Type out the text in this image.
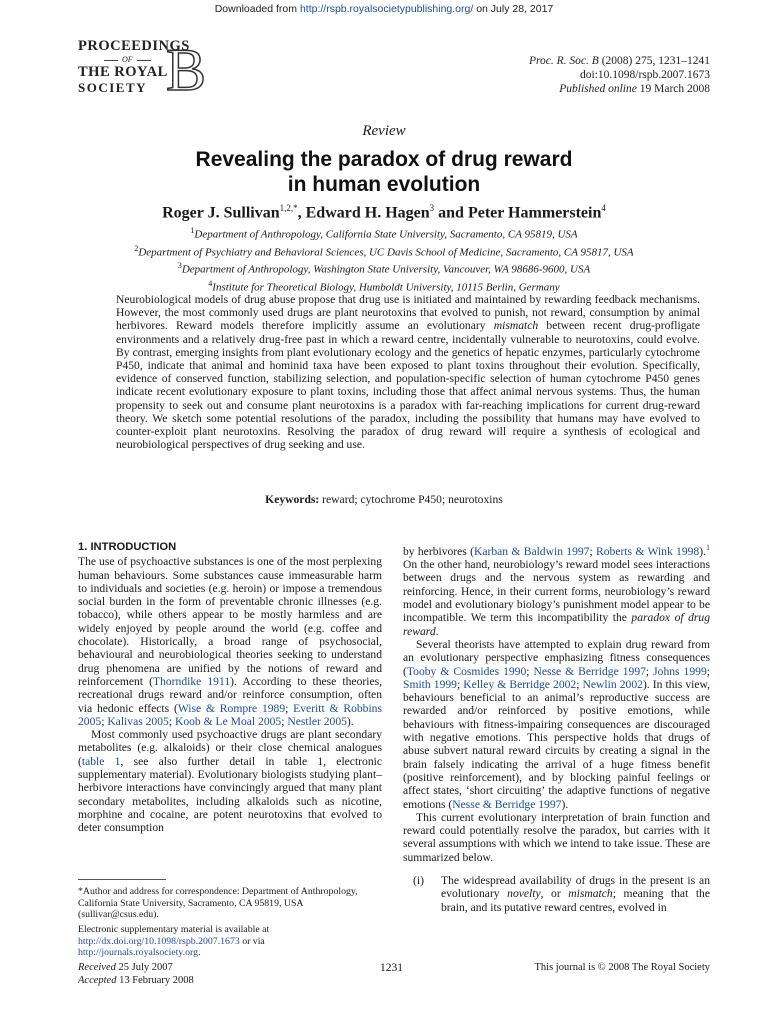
Downloaded from http://rspb.royalsocietypublishing.org/ on July 28, 2017
PROCEEDINGS
OF
THE ROYAL
SOCIETY B	Proc. R. Soc. B (2008) 275, 1231–1241
doi:10.1098/rspb.2007.1673
Published online 19 March 2008
Review
Revealing the paradox of drug reward
in human evolution
Roger J. Sullivan$^{1,2,*}$, Edward H. Hagen$^3$ and Peter Hammerstein$^4$
$^1$Department of Anthropology, California State University, Sacramento, CA 95819, USA
$^2$Department of Psychiatry and Behavioral Sciences, UC Davis School of Medicine, Sacramento, CA 95817, USA
$^3$Department of Anthropology, Washington State University, Vancouver, WA 98686-9600, USA
$^4$Institute for Theoretical Biology, Humboldt University, 10115 Berlin, Germany
Neurobiological models of drug abuse propose that drug use is initiated and maintained by rewarding feedback mechanisms. However, the most commonly used drugs are plant neurotoxins that evolved to punish, not reward, consumption by animal herbivores. Reward models therefore implicitly assume an evolutionary mismatch between recent drug-profligate environments and a relatively drug-free past in which a reward centre, incidentally vulnerable to neurotoxins, could evolve. By contrast, emerging insights from plant evolutionary ecology and the genetics of hepatic enzymes, particularly cytochrome P450, indicate that animal and hominid taxa have been exposed to plant toxins throughout their evolution. Specifically, evidence of conserved function, stabilizing selection, and population-specific selection of human cytochrome P450 genes indicate recent evolutionary exposure to plant toxins, including those that affect animal nervous systems. Thus, the human propensity to seek out and consume plant neurotoxins is a paradox with far-reaching implications for current drug-reward theory. We sketch some potential resolutions of the paradox, including the possibility that humans may have evolved to counter-exploit plant neurotoxins. Resolving the paradox of drug reward will require a synthesis of ecological and neurobiological perspectives of drug seeking and use.
Keywords: reward; cytochrome P450; neurotoxins
1. INTRODUCTION

The use of psychoactive substances is one of the most perplexing human behaviours. Some substances cause immeasurable harm to individuals and societies (e.g. heroin) or impose a tremendous social burden in the form of preventable chronic illnesses (e.g. tobacco), while others appear to be mostly harmless and are widely enjoyed by people around the world (e.g. coffee and chocolate). Historically, a broad range of psychosocial, behavioural and neurobiological theories seeking to understand drug phenomena are unified by the notions of reward and reinforcement (Thorndike 1911). According to these theories, recreational drugs reward and/or reinforce consumption, often via hedonic effects (Wise & Rompre 1989; Everitt & Robbins 2005; Kalivas 2005; Koob & Le Moal 2005; Nestler 2005).

Most commonly used psychoactive drugs are plant secondary metabolites (e.g. alkaloids) or their close chemical analogues (table 1, see also further detail in table 1, electronic supplementary material). Evolutionary biologists studying plant–herbivore interactions have convincingly argued that many plant secondary metabolites, including alkaloids such as nicotine, morphine and cocaine, are potent neurotoxins that evolved to deter consumption

by herbivores (Karban & Baldwin 1997; Roberts & Wink 1998).$^1$ On the other hand, neurobiology’s reward model sees interactions between drugs and the nervous system as rewarding and reinforcing. Hence, in their current forms, neurobiology’s reward model and evolutionary biology’s punishment model appear to be incompatible. We term this incompatibility the paradox of drug reward.

Several theorists have attempted to explain drug reward from an evolutionary perspective emphasizing fitness consequences (Tooby & Cosmides 1990; Nesse & Berridge 1997; Johns 1999; Smith 1999; Kelley & Berridge 2002; Newlin 2002). In this view, behaviours beneficial to an animal’s reproductive success are rewarded and/or reinforced by positive emotions, while behaviours with fitness-impairing consequences are discouraged with negative emotions. This perspective holds that drugs of abuse subvert natural reward circuits by creating a signal in the brain falsely indicating the arrival of a huge fitness benefit (positive reinforcement), and by blocking painful feelings or affect states, ‘short circuiting’ the adaptive functions of negative emotions (Nesse & Berridge 1997).

This current evolutionary interpretation of brain function and reward could potentially resolve the paradox, but carries with it several assumptions with which we intend to take issue. These are summarized below.

(i)	The widespread availability of drugs in the present is an evolutionary novelty, or mismatch; meaning that the brain, and its putative reward centres, evolved in
*Author and address for correspondence: Department of Anthropology, California State University, Sacramento, CA 95819, USA (sullivar@csus.edu).
Electronic supplementary material is available at http://dx.doi.org/10.1098/rspb.2007.1673 or via http://journals.royalsociety.org.
Received 25 July 2007
Accepted 13 February 2008
1231	This journal is © 2008 The Royal Society
